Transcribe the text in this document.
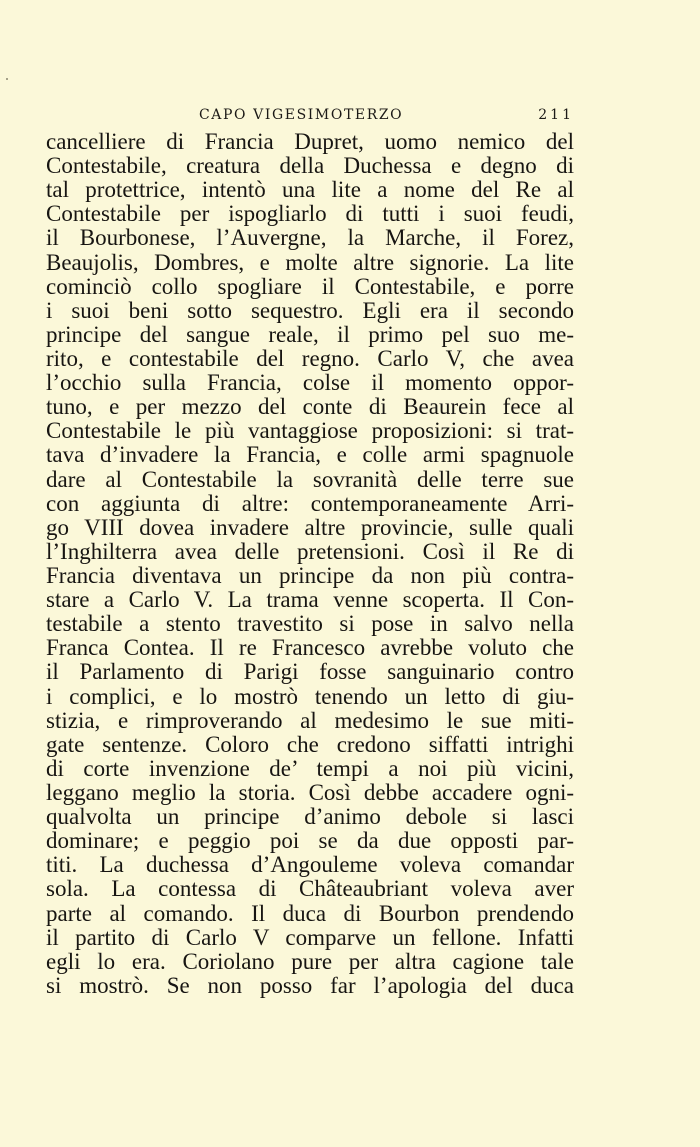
CAPO VIGESIMOTERZO	211
cancelliere di Francia Dupret, uomo nemico del
Contestabile, creatura della Duchessa e degno di
tal protettrice, intentò una lite a nome del Re al
Contestabile per ispogliarlo di tutti i suoi feudi,
il Bourbonese, l’Auvergne, la Marche, il Forez,
Beaujolis, Dombres, e molte altre signorie. La lite
cominciò collo spogliare il Contestabile, e porre
i suoi beni sotto sequestro. Egli era il secondo
principe del sangue reale, il primo pel suo me-
rito, e contestabile del regno. Carlo V, che avea
l’occhio sulla Francia, colse il momento oppor-
tuno, e per mezzo del conte di Beaurein fece al
Contestabile le più vantaggiose proposizioni: si trat-
tava d’invadere la Francia, e colle armi spagnuole
dare al Contestabile la sovranità delle terre sue
con aggiunta di altre: contemporaneamente Arri-
go VIII dovea invadere altre provincie, sulle quali
l’Inghilterra avea delle pretensioni. Così il Re di
Francia diventava un principe da non più contra-
stare a Carlo V. La trama venne scoperta. Il Con-
testabile a stento travestito si pose in salvo nella
Franca Contea. Il re Francesco avrebbe voluto che
il Parlamento di Parigi fosse sanguinario contro
i complici, e lo mostrò tenendo un letto di giu-
stizia, e rimproverando al medesimo le sue miti-
gate sentenze. Coloro che credono siffatti intrighi
di corte invenzione de’ tempi a noi più vicini,
leggano meglio la storia. Così debbe accadere ogni-
qualvolta un principe d’animo debole si lasci
dominare; e peggio poi se da due opposti par-
titi. La duchessa d’Angouleme voleva comandar
sola. La contessa di Châteaubriant voleva aver
parte al comando. Il duca di Bourbon prendendo
il partito di Carlo V comparve un fellone. Infatti
egli lo era. Coriolano pure per altra cagione tale
si mostrò. Se non posso far l’apologia del duca
